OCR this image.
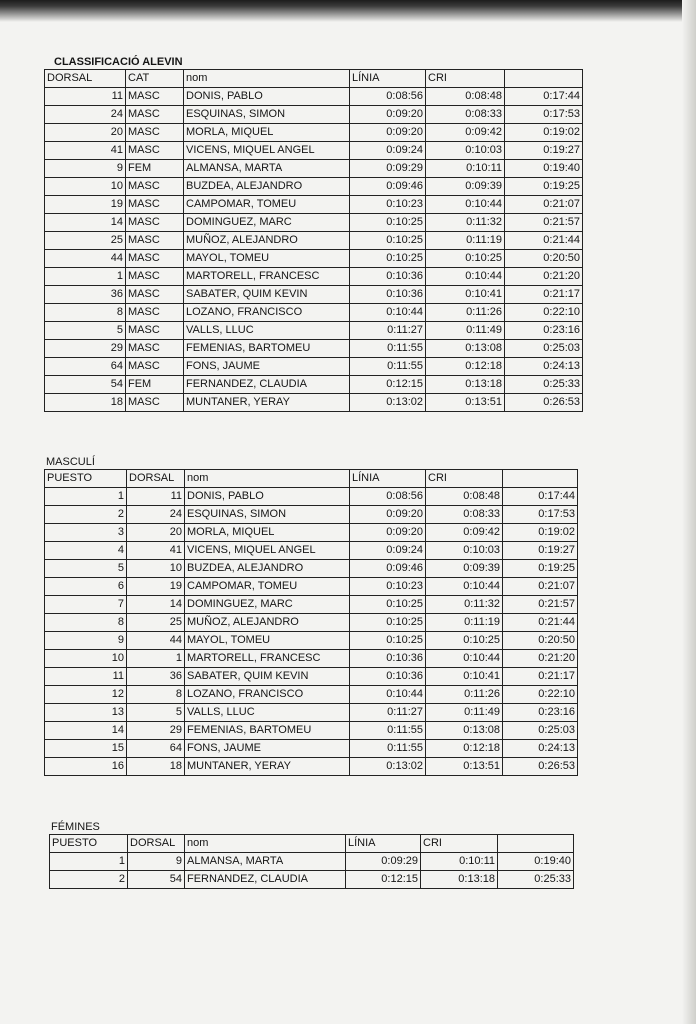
CLASSIFICACIÓ ALEVIN
DORSAL	CAT	nom	LÍNIA	CRI	
11	MASC	DONIS, PABLO	0:08:56	0:08:48	0:17:44
24	MASC	ESQUINAS, SIMON	0:09:20	0:08:33	0:17:53
20	MASC	MORLA, MIQUEL	0:09:20	0:09:42	0:19:02
41	MASC	VICENS, MIQUEL ANGEL	0:09:24	0:10:03	0:19:27
9	FEM	ALMANSA, MARTA	0:09:29	0:10:11	0:19:40
10	MASC	BUZDEA, ALEJANDRO	0:09:46	0:09:39	0:19:25
19	MASC	CAMPOMAR, TOMEU	0:10:23	0:10:44	0:21:07
14	MASC	DOMINGUEZ, MARC	0:10:25	0:11:32	0:21:57
25	MASC	MUÑOZ, ALEJANDRO	0:10:25	0:11:19	0:21:44
44	MASC	MAYOL, TOMEU	0:10:25	0:10:25	0:20:50
1	MASC	MARTORELL, FRANCESC	0:10:36	0:10:44	0:21:20
36	MASC	SABATER, QUIM KEVIN	0:10:36	0:10:41	0:21:17
8	MASC	LOZANO, FRANCISCO	0:10:44	0:11:26	0:22:10
5	MASC	VALLS, LLUC	0:11:27	0:11:49	0:23:16
29	MASC	FEMENIAS, BARTOMEU	0:11:55	0:13:08	0:25:03
64	MASC	FONS, JAUME	0:11:55	0:12:18	0:24:13
54	FEM	FERNANDEZ, CLAUDIA	0:12:15	0:13:18	0:25:33
18	MASC	MUNTANER, YERAY	0:13:02	0:13:51	0:26:53
MASCULÍ
PUESTO	DORSAL	nom	LÍNIA	CRI	
1	11	DONIS, PABLO	0:08:56	0:08:48	0:17:44
2	24	ESQUINAS, SIMON	0:09:20	0:08:33	0:17:53
3	20	MORLA, MIQUEL	0:09:20	0:09:42	0:19:02
4	41	VICENS, MIQUEL ANGEL	0:09:24	0:10:03	0:19:27
5	10	BUZDEA, ALEJANDRO	0:09:46	0:09:39	0:19:25
6	19	CAMPOMAR, TOMEU	0:10:23	0:10:44	0:21:07
7	14	DOMINGUEZ, MARC	0:10:25	0:11:32	0:21:57
8	25	MUÑOZ, ALEJANDRO	0:10:25	0:11:19	0:21:44
9	44	MAYOL, TOMEU	0:10:25	0:10:25	0:20:50
10	1	MARTORELL, FRANCESC	0:10:36	0:10:44	0:21:20
11	36	SABATER, QUIM KEVIN	0:10:36	0:10:41	0:21:17
12	8	LOZANO, FRANCISCO	0:10:44	0:11:26	0:22:10
13	5	VALLS, LLUC	0:11:27	0:11:49	0:23:16
14	29	FEMENIAS, BARTOMEU	0:11:55	0:13:08	0:25:03
15	64	FONS, JAUME	0:11:55	0:12:18	0:24:13
16	18	MUNTANER, YERAY	0:13:02	0:13:51	0:26:53
FÉMINES
PUESTO	DORSAL	nom	LÍNIA	CRI	
1	9	ALMANSA, MARTA	0:09:29	0:10:11	0:19:40
2	54	FERNANDEZ, CLAUDIA	0:12:15	0:13:18	0:25:33
